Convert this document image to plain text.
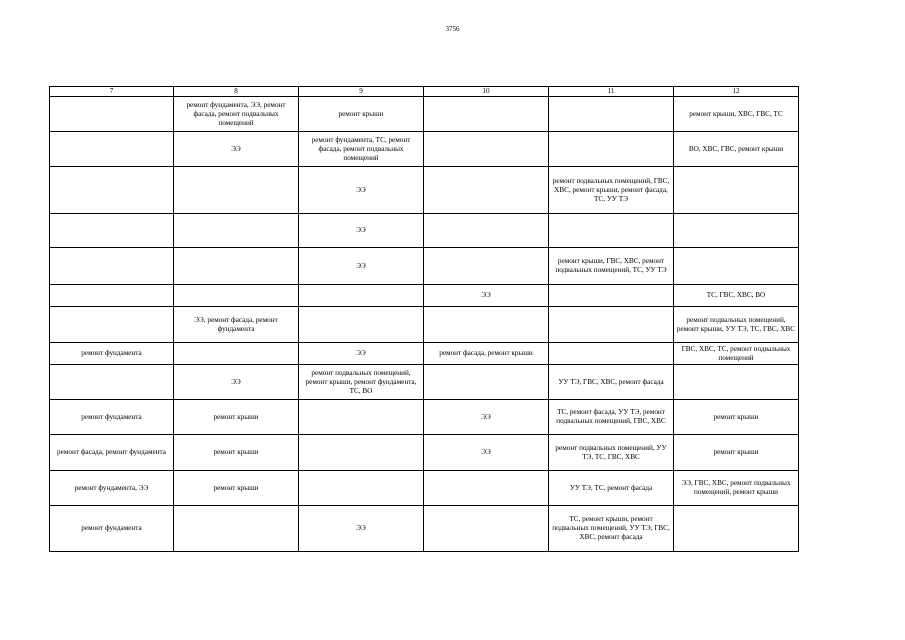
3756
7	8	9	10	11	12
	ремонт фундамента, ЭЭ, ремонт фасада, ремонт подвальных помещений	ремонт крыши			ремонт крыши, ХВС, ГВС, ТС
	ЭЭ	ремонт фундамента, ТС, ремонт фасада, ремонт подвальных помещений			ВО, ХВС, ГВС, ремонт крыши
		ЭЭ		ремонт подвальных помещений, ГВС, ХВС, ремонт крыши, ремонт фасада, ТС, УУ ТЭ	
		ЭЭ			
		ЭЭ		ремонт крыши, ГВС, ХВС, ремонт подвальных помещений, ТС, УУ ТЭ	
			ЭЭ		ТС, ГВС, ХВС, ВО
	ЭЭ, ремонт фасада, ремонт фундамента				ремонт подвальных помещений, ремонт крыши, УУ ТЭ, ТС, ГВС, ХВС
ремонт фундамента		ЭЭ	ремонт фасада, ремонт крыши		ГВС, ХВС, ТС, ремонт подвальных помещений
	ЭЭ	ремонт подвальных помещений, ремонт крыши, ремонт фундамента, ТС, ВО		УУ ТЭ, ГВС, ХВС, ремонт фасада	
ремонт фундамента	ремонт крыши		ЭЭ	ТС, ремонт фасада, УУ ТЭ, ремонт подвальных помещений, ГВС, ХВС	ремонт крыши
ремонт фасада, ремонт фундамента	ремонт крыши		ЭЭ	ремонт подвальных помещений, УУ ТЭ, ТС, ГВС, ХВС	ремонт крыши
ремонт фундамента, ЭЭ	ремонт крыши			УУ ТЭ, ТС, ремонт фасада	ЭЭ, ГВС, ХВС, ремонт подвальных помещений, ремонт крыши
ремонт фундамента		ЭЭ		ТС, ремонт крыши, ремонт подвальных помещений, УУ ТЭ, ГВС, ХВС, ремонт фасада	
